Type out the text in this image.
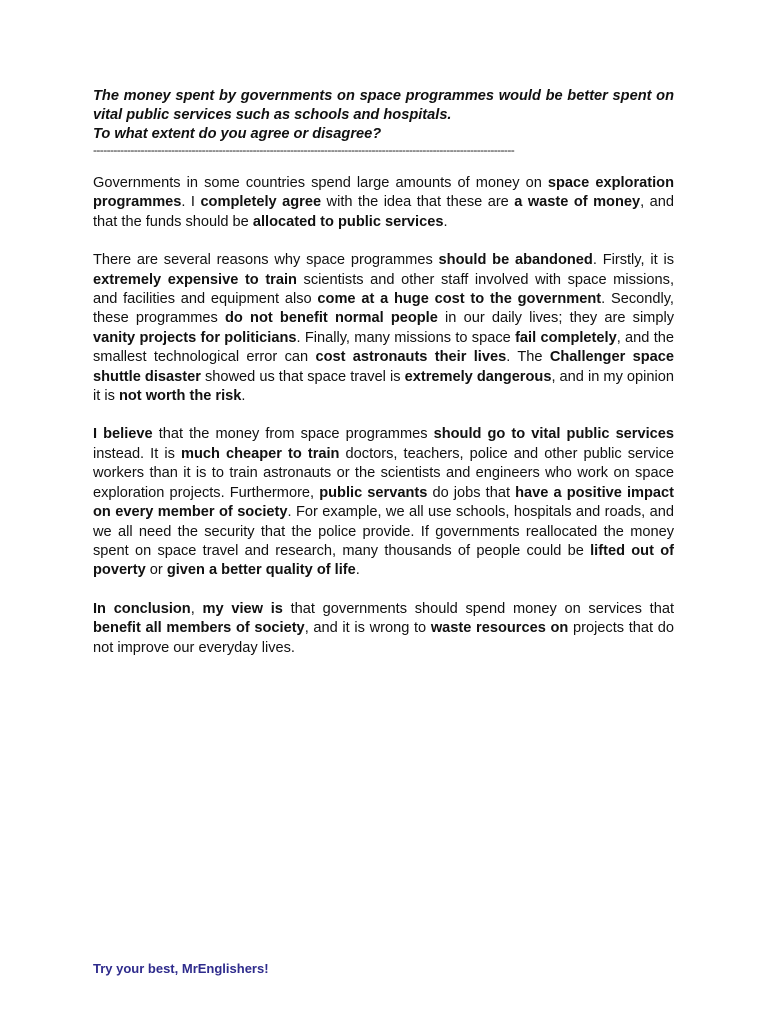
The money spent by governments on space programmes would be better spent on vital public services such as schools and hospitals.

To what extent do you agree or disagree?

----------------------------------------------------------------------------------------------------------------------------

Governments in some countries spend large amounts of money on space exploration programmes. I completely agree with the idea that these are a waste of money, and that the funds should be allocated to public services.

There are several reasons why space programmes should be abandoned. Firstly, it is extremely expensive to train scientists and other staff involved with space missions, and facilities and equipment also come at a huge cost to the government. Secondly, these programmes do not benefit normal people in our daily lives; they are simply vanity projects for politicians. Finally, many missions to space fail completely, and the smallest technological error can cost astronauts their lives. The Challenger space shuttle disaster showed us that space travel is extremely dangerous, and in my opinion it is not worth the risk.

I believe that the money from space programmes should go to vital public services instead. It is much cheaper to train doctors, teachers, police and other public service workers than it is to train astronauts or the scientists and engineers who work on space exploration projects. Furthermore, public servants do jobs that have a positive impact on every member of society. For example, we all use schools, hospitals and roads, and we all need the security that the police provide. If governments reallocated the money spent on space travel and research, many thousands of people could be lifted out of poverty or given a better quality of life.

In conclusion, my view is that governments should spend money on services that benefit all members of society, and it is wrong to waste resources on projects that do not improve our everyday lives.

Try your best, MrEnglishers!
